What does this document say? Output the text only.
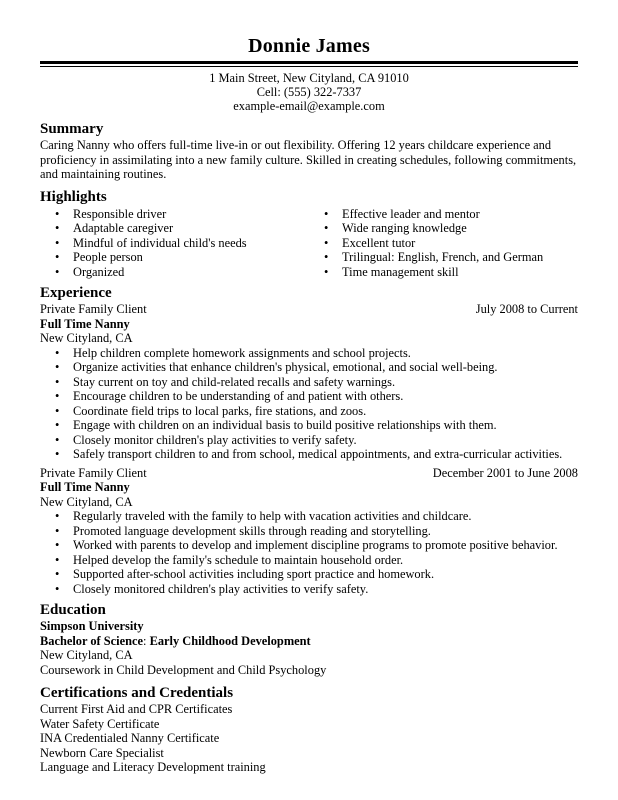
Donnie James
1 Main Street, New Cityland, CA 91010
Cell: (555) 322-7337
example-email@example.com
Summary

Caring Nanny who offers full-time live-in or out flexibility. Offering 12 years childcare experience and proficiency in assimilating into a new family culture. Skilled in creating schedules, following commitments, and maintaining routines.

Highlights
• Responsible driver
• Adaptable caregiver
• Mindful of individual child's needs
• People person
• Organized
• Effective leader and mentor
• Wide ranging knowledge
• Excellent tutor
• Trilingual: English, French, and German
• Time management skill
Experience
Private Family Client	July 2008 to Current
Full Time Nanny
New Cityland, CA
• Help children complete homework assignments and school projects.
• Organize activities that enhance children's physical, emotional, and social well-being.
• Stay current on toy and child-related recalls and safety warnings.
• Encourage children to be understanding of and patient with others.
• Coordinate field trips to local parks, fire stations, and zoos.
• Engage with children on an individual basis to build positive relationships with them.
• Closely monitor children's play activities to verify safety.
• Safely transport children to and from school, medical appointments, and extra-curricular activities.
Private Family Client	December 2001 to June 2008
Full Time Nanny
New Cityland, CA
• Regularly traveled with the family to help with vacation activities and childcare.
• Promoted language development skills through reading and storytelling.
• Worked with parents to develop and implement discipline programs to promote positive behavior.
• Helped develop the family's schedule to maintain household order.
• Supported after-school activities including sport practice and homework.
• Closely monitored children's play activities to verify safety.
Education
Simpson University
Bachelor of Science: Early Childhood Development
New Cityland, CA
Coursework in Child Development and Child Psychology
Certifications and Credentials
Current First Aid and CPR Certificates
Water Safety Certificate
INA Credentialed Nanny Certificate
Newborn Care Specialist
Language and Literacy Development training
